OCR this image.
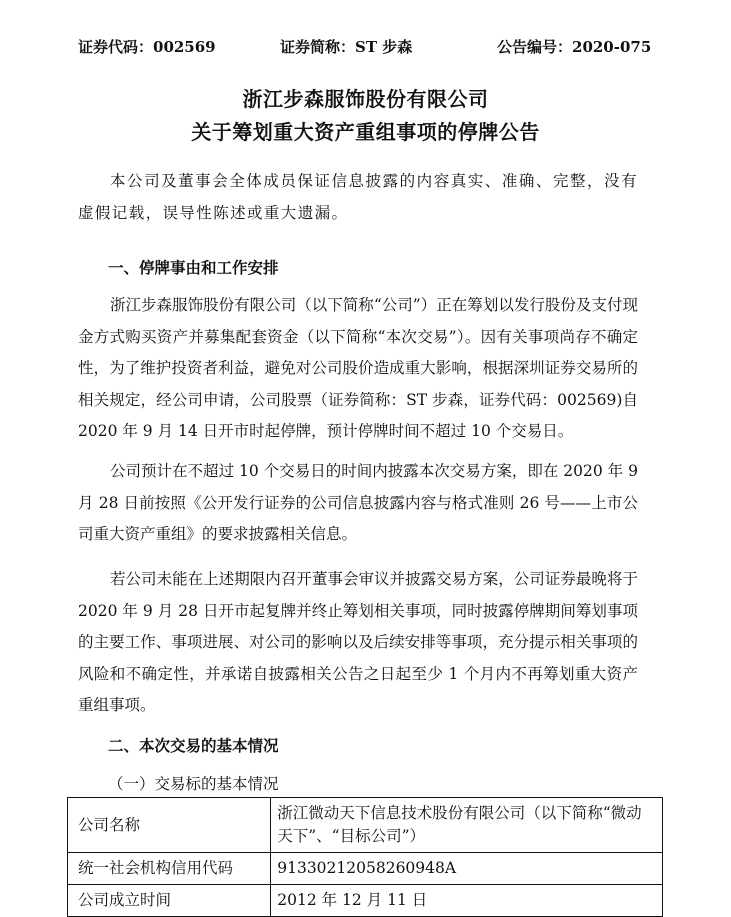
证券代码：002569	证券简称：ST 步森	公告编号：2020-075
浙江步森服饰股份有限公司
关于筹划重大资产重组事项的停牌公告
本公司及董事会全体成员保证信息披露的内容真实、准确、完整，没有虚假记载，误导性陈述或重大遗漏。
一、停牌事由和工作安排
浙江步森服饰股份有限公司（以下简称“公司”）正在筹划以发行股份及支付现金方式购买资产并募集配套资金（以下简称“本次交易”）。因有关事项尚存不确定性，为了维护投资者利益，避免对公司股价造成重大影响，根据深圳证券交易所的相关规定，经公司申请，公司股票（证券简称：ST 步森，证券代码：002569)自 2020 年 9 月 14 日开市时起停牌，预计停牌时间不超过 10 个交易日。
公司预计在不超过 10 个交易日的时间内披露本次交易方案，即在 2020 年 9 月 28 日前按照《公开发行证券的公司信息披露内容与格式准则 26 号——上市公司重大资产重组》的要求披露相关信息。
若公司未能在上述期限内召开董事会审议并披露交易方案，公司证券最晚将于 2020 年 9 月 28 日开市起复牌并终止筹划相关事项，同时披露停牌期间筹划事项的主要工作、事项进展、对公司的影响以及后续安排等事项，充分提示相关事项的风险和不确定性，并承诺自披露相关公告之日起至少 1 个月内不再筹划重大资产重组事项。
二、本次交易的基本情况
（一）交易标的基本情况
公司名称	浙江微动天下信息技术股份有限公司（以下简称“微动天下”、“目标公司”）
统一社会机构信用代码	91330212058260948A
公司成立时间	2012 年 12 月 11 日
